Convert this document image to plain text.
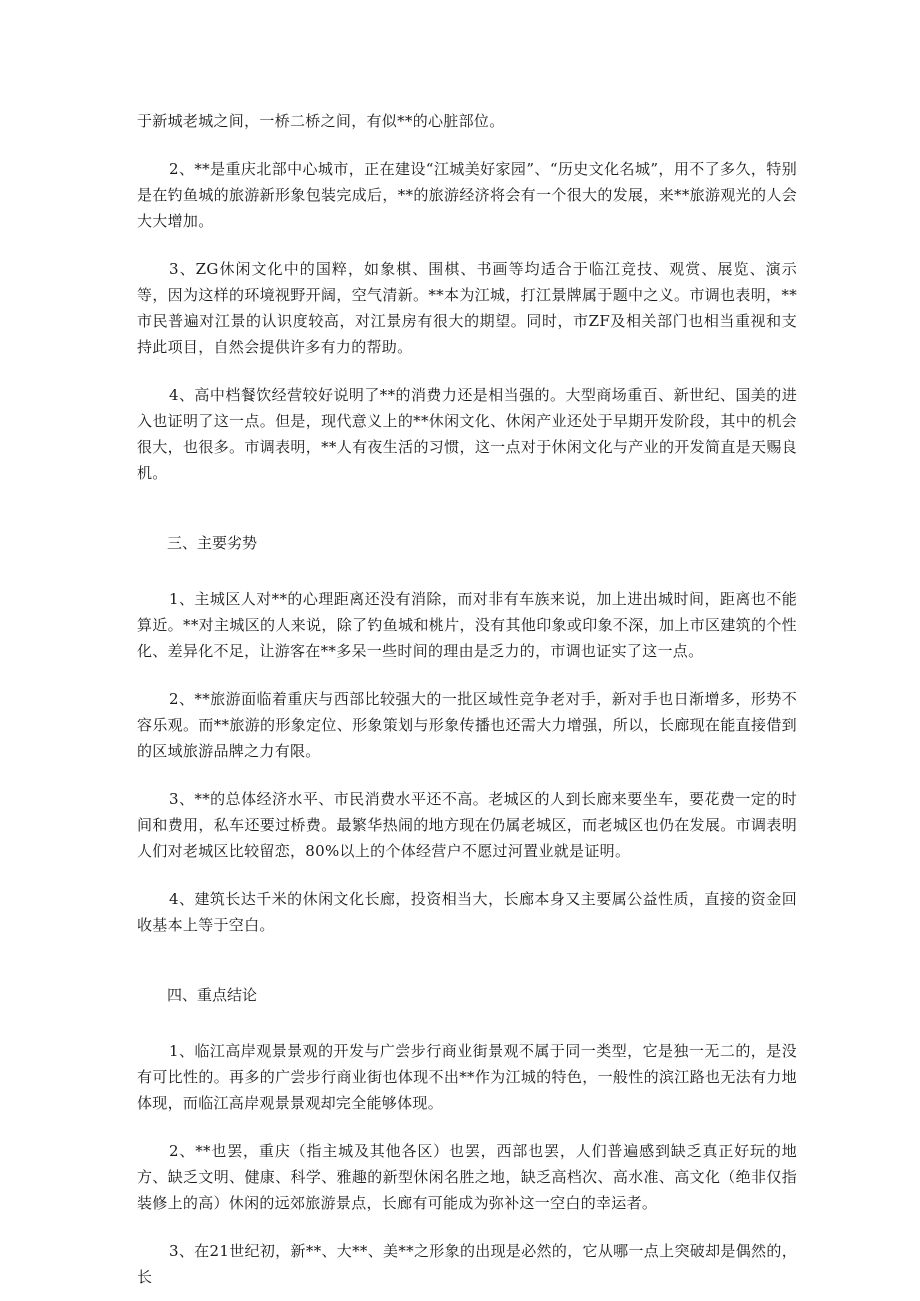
于新城老城之间，一桥二桥之间，有似**的心脏部位。

2、**是重庆北部中心城市，正在建设“江城美好家园”、“历史文化名城”，用不了多久，特别是在钓鱼城的旅游新形象包装完成后，**的旅游经济将会有一个很大的发展，来**旅游观光的人会大大增加。

3、ZG休闲文化中的国粹，如象棋、围棋、书画等均适合于临江竞技、观赏、展览、演示等，因为这样的环境视野开阔，空气清新。**本为江城，打江景牌属于题中之义。市调也表明，**市民普遍对江景的认识度较高，对江景房有很大的期望。同时，市ZF及相关部门也相当重视和支持此项目，自然会提供许多有力的帮助。

4、高中档餐饮经营较好说明了**的消费力还是相当强的。大型商场重百、新世纪、国美的进入也证明了这一点。但是，现代意义上的**休闲文化、休闲产业还处于早期开发阶段，其中的机会很大，也很多。市调表明，**人有夜生活的习惯，这一点对于休闲文化与产业的开发简直是天赐良机。

三、主要劣势

1、主城区人对**的心理距离还没有消除，而对非有车族来说，加上进出城时间，距离也不能算近。**对主城区的人来说，除了钓鱼城和桃片，没有其他印象或印象不深，加上市区建筑的个性化、差异化不足，让游客在**多呆一些时间的理由是乏力的，市调也证实了这一点。

2、**旅游面临着重庆与西部比较强大的一批区域性竞争老对手，新对手也日渐增多，形势不容乐观。而**旅游的形象定位、形象策划与形象传播也还需大力增强，所以，长廊现在能直接借到的区域旅游品牌之力有限。

3、**的总体经济水平、市民消费水平还不高。老城区的人到长廊来要坐车，要花费一定的时间和费用，私车还要过桥费。最繁华热闹的地方现在仍属老城区，而老城区也仍在发展。市调表明人们对老城区比较留恋，80%以上的个体经营户不愿过河置业就是证明。

4、建筑长达千米的休闲文化长廊，投资相当大，长廊本身又主要属公益性质，直接的资金回收基本上等于空白。

四、重点结论

1、临江高岸观景景观的开发与广尝步行商业街景观不属于同一类型，它是独一无二的，是没有可比性的。再多的广尝步行商业街也体现不出**作为江城的特色，一般性的滨江路也无法有力地体现，而临江高岸观景景观却完全能够体现。

2、**也罢，重庆（指主城及其他各区）也罢，西部也罢，人们普遍感到缺乏真正好玩的地方、缺乏文明、健康、科学、雅趣的新型休闲名胜之地，缺乏高档次、高水准、高文化（绝非仅指装修上的高）休闲的远郊旅游景点，长廊有可能成为弥补这一空白的幸运者。

3、在21世纪初，新**、大**、美**之形象的出现是必然的，它从哪一点上突破却是偶然的，长
